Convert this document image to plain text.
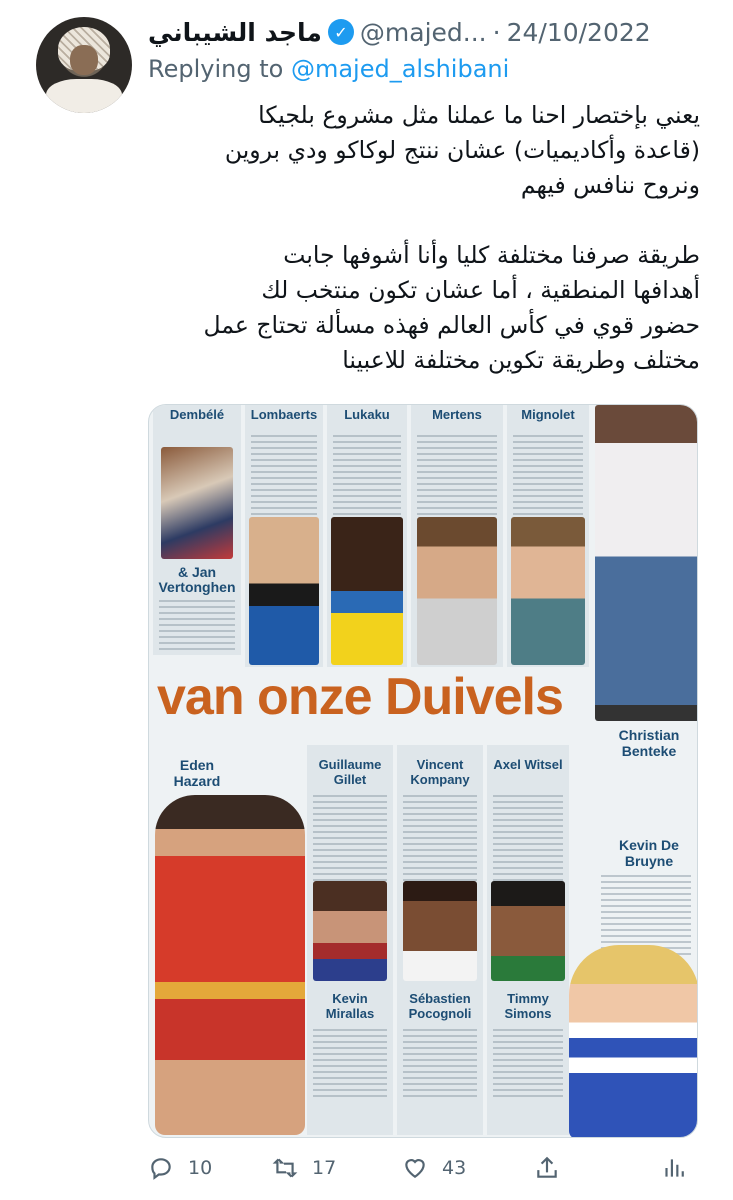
ماجد الشيباني ✓ @majed... · 24/10/2022
Replying to @majed_alshibani

يعني بإختصار احنا ما عملنا مثل مشروع بلجيكا

(قاعدة وأكاديميات) عشان ننتج لوكاكو ودي بروين

ونروح ننافس فيهم

طريقة صرفنا مختلفة كليا وأنا أشوفها جابت

أهدافها المنطقية ، أما عشان تكون منتخب لك

حضور قوي في كأس العالم فهذه مسألة تحتاج عمل

مختلف وطريقة تكوين مختلفة للاعبينا

Dembélé
& Jan Vertonghen
Lombaerts	Lukaku	Mertens	Mignolet
van onze Duivels
Christian Benteke
Eden Hazard
Guillaume Gillet
Kevin Mirallas
Vincent Kompany
Sébastien Pocognoli
Axel Witsel
Timmy Simons
Kevin De Bruyne
10	17	43
